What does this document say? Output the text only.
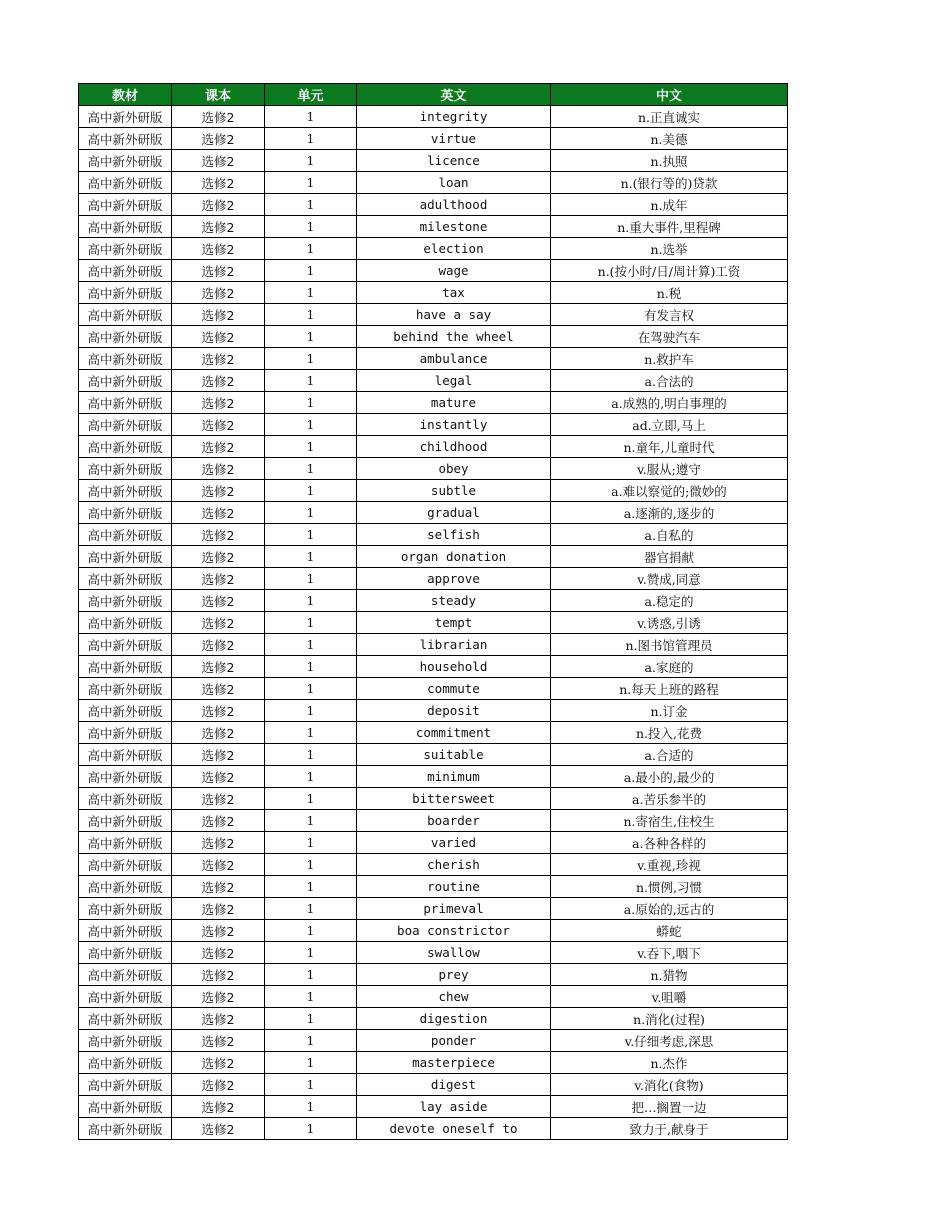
教材	课本	单元	英文	中文
高中新外研版	选修2	1	integrity	n.正直诚实
高中新外研版	选修2	1	virtue	n.美德
高中新外研版	选修2	1	licence	n.执照
高中新外研版	选修2	1	loan	n.(银行等的)贷款
高中新外研版	选修2	1	adulthood	n.成年
高中新外研版	选修2	1	milestone	n.重大事件,里程碑
高中新外研版	选修2	1	election	n.选举
高中新外研版	选修2	1	wage	n.(按小时/日/周计算)工资
高中新外研版	选修2	1	tax	n.税
高中新外研版	选修2	1	have a say	有发言权
高中新外研版	选修2	1	behind the wheel	在驾驶汽车
高中新外研版	选修2	1	ambulance	n.救护车
高中新外研版	选修2	1	legal	a.合法的
高中新外研版	选修2	1	mature	a.成熟的,明白事理的
高中新外研版	选修2	1	instantly	ad.立即,马上
高中新外研版	选修2	1	childhood	n.童年,儿童时代
高中新外研版	选修2	1	obey	v.服从;遵守
高中新外研版	选修2	1	subtle	a.难以察觉的;微妙的
高中新外研版	选修2	1	gradual	a.逐渐的,逐步的
高中新外研版	选修2	1	selfish	a.自私的
高中新外研版	选修2	1	organ donation	器官捐献
高中新外研版	选修2	1	approve	v.赞成,同意
高中新外研版	选修2	1	steady	a.稳定的
高中新外研版	选修2	1	tempt	v.诱惑,引诱
高中新外研版	选修2	1	librarian	n.图书馆管理员
高中新外研版	选修2	1	household	a.家庭的
高中新外研版	选修2	1	commute	n.每天上班的路程
高中新外研版	选修2	1	deposit	n.订金
高中新外研版	选修2	1	commitment	n.投入,花费
高中新外研版	选修2	1	suitable	a.合适的
高中新外研版	选修2	1	minimum	a.最小的,最少的
高中新外研版	选修2	1	bittersweet	a.苦乐参半的
高中新外研版	选修2	1	boarder	n.寄宿生,住校生
高中新外研版	选修2	1	varied	a.各种各样的
高中新外研版	选修2	1	cherish	v.重视,珍视
高中新外研版	选修2	1	routine	n.惯例,习惯
高中新外研版	选修2	1	primeval	a.原始的,远古的
高中新外研版	选修2	1	boa constrictor	蟒蛇
高中新外研版	选修2	1	swallow	v.吞下,咽下
高中新外研版	选修2	1	prey	n.猎物
高中新外研版	选修2	1	chew	v.咀嚼
高中新外研版	选修2	1	digestion	n.消化(过程)
高中新外研版	选修2	1	ponder	v.仔细考虑,深思
高中新外研版	选修2	1	masterpiece	n.杰作
高中新外研版	选修2	1	digest	v.消化(食物)
高中新外研版	选修2	1	lay aside	把…搁置一边
高中新外研版	选修2	1	devote oneself to	致力于,献身于
